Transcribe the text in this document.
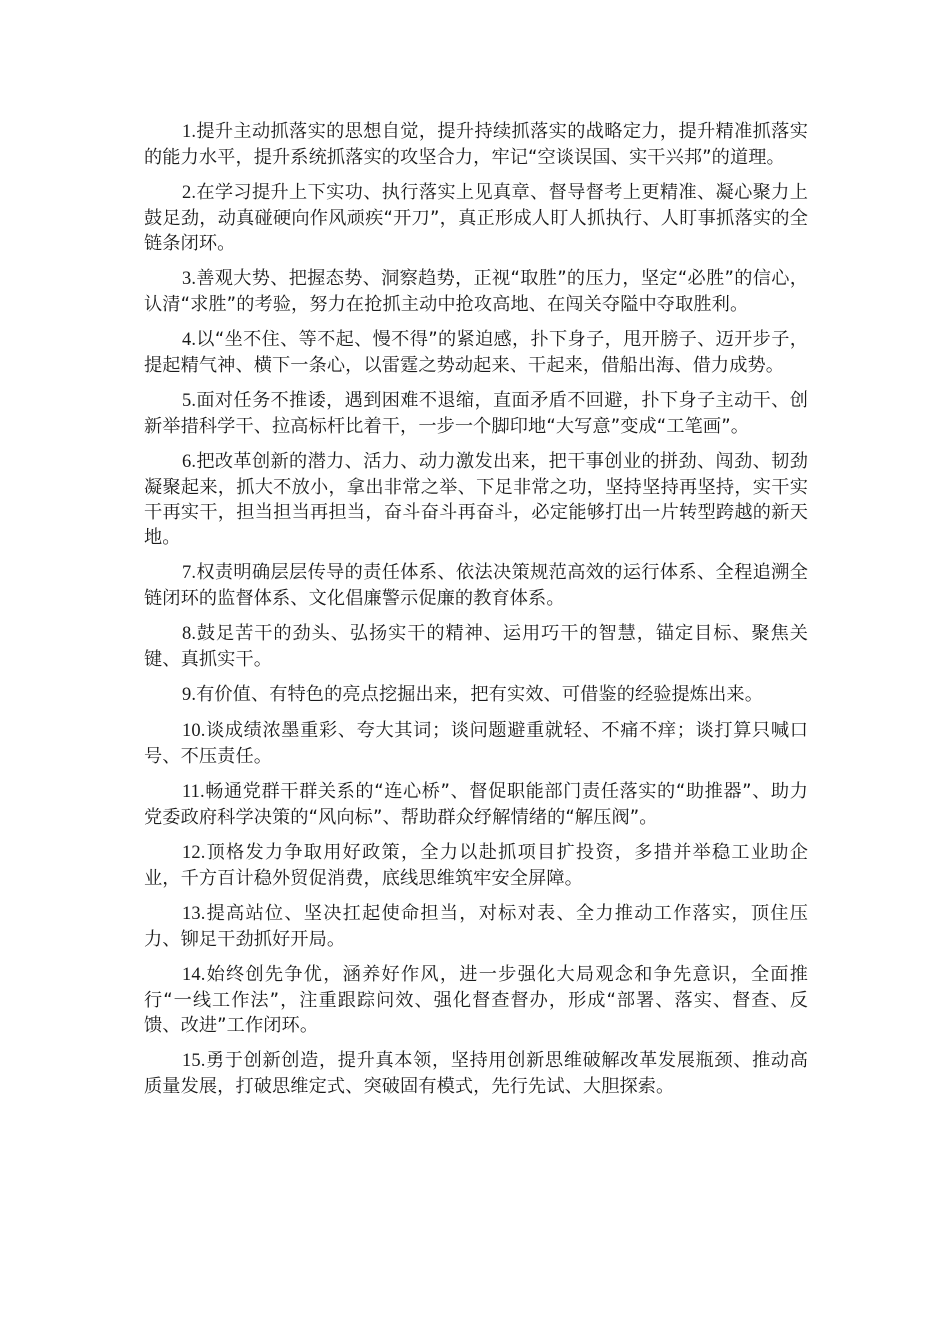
1.提升主动抓落实的思想自觉，提升持续抓落实的战略定力，提升精准抓落实的能力水平，提升系统抓落实的攻坚合力，牢记“空谈误国、实干兴邦”的道理。

2.在学习提升上下实功、执行落实上见真章、督导督考上更精准、凝心聚力上鼓足劲，动真碰硬向作风顽疾“开刀”，真正形成人盯人抓执行、人盯事抓落实的全链条闭环。

3.善观大势、把握态势、洞察趋势，正视“取胜”的压力，坚定“必胜”的信心，认清“求胜”的考验，努力在抢抓主动中抢攻高地、在闯关夺隘中夺取胜利。

4.以“坐不住、等不起、慢不得”的紧迫感，扑下身子，甩开膀子、迈开步子，提起精气神、横下一条心，以雷霆之势动起来、干起来，借船出海、借力成势。

5.面对任务不推诿，遇到困难不退缩，直面矛盾不回避，扑下身子主动干、创新举措科学干、拉高标杆比着干，一步一个脚印地“大写意”变成“工笔画”。

6.把改革创新的潜力、活力、动力激发出来，把干事创业的拼劲、闯劲、韧劲凝聚起来，抓大不放小，拿出非常之举、下足非常之功，坚持坚持再坚持，实干实干再实干，担当担当再担当，奋斗奋斗再奋斗，必定能够打出一片转型跨越的新天地。

7.权责明确层层传导的责任体系、依法决策规范高效的运行体系、全程追溯全链闭环的监督体系、文化倡廉警示促廉的教育体系。

8.鼓足苦干的劲头、弘扬实干的精神、运用巧干的智慧，锚定目标、聚焦关键、真抓实干。

9.有价值、有特色的亮点挖掘出来，把有实效、可借鉴的经验提炼出来。

10.谈成绩浓墨重彩、夸大其词；谈问题避重就轻、不痛不痒；谈打算只喊口号、不压责任。

11.畅通党群干群关系的“连心桥”、督促职能部门责任落实的“助推器”、助力党委政府科学决策的“风向标”、帮助群众纾解情绪的“解压阀”。

12.顶格发力争取用好政策，全力以赴抓项目扩投资，多措并举稳工业助企业，千方百计稳外贸促消费，底线思维筑牢安全屏障。

13.提高站位、坚决扛起使命担当，对标对表、全力推动工作落实，顶住压力、铆足干劲抓好开局。

14.始终创先争优，涵养好作风，进一步强化大局观念和争先意识，全面推行“一线工作法”，注重跟踪问效、强化督查督办，形成“部署、落实、督查、反馈、改进”工作闭环。

15.勇于创新创造，提升真本领，坚持用创新思维破解改革发展瓶颈、推动高质量发展，打破思维定式、突破固有模式，先行先试、大胆探索。
